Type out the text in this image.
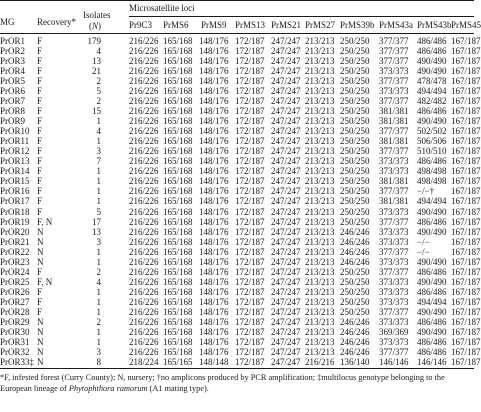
MG Recovery*
Isolates
(N)
Microsatellite loci
Pr9C3 PrMS6 PrMS9 PrMS13 PrMS21 PrMS27 PrMS39b PrMS43a PrMS43b PrMS45
PrOR1 F	179	216/226 165/168 148/176 172/187 247/247 213/213 250/250 377/377 486/486 167/187
PrOR2 F	4	216/226 165/168 148/176 172/187 247/247 213/213 250/250 377/377 486/486 167/187
PrOR3 F	13	216/226 165/168 148/176 172/187 247/247 213/213 250/250 377/377 490/490 167/187
PrOR4 F	21	216/226 165/168 148/176 172/187 247/247 213/213 250/250 373/373 490/490 167/187
PrOR5 F	2	216/226 165/168 148/176 172/187 247/247 213/213 250/250 377/377 478/478 167/187
PrOR6 F	5	216/226 165/168 148/176 172/187 247/247 213/213 250/250 373/373 494/494 167/187
PrOR7 F	2	216/226 165/168 148/176 172/187 247/247 213/213 250/250 377/377 482/482 167/187
PrOR8 F	15	216/226 165/168 148/176 172/187 247/247 213/213 250/250 381/381 486/486 167/187
PrOR9 F	1	216/226 165/168 148/176 172/187 247/247 213/213 250/250 381/381 490/490 167/187
PrOR10 F	4	216/226 165/168 148/176 172/187 247/247 213/213 250/250 377/377 502/502 167/187
PrOR11 F	1	216/226 165/168 148/176 172/187 247/247 213/213 250/250 381/381 506/506 167/187
PrOR12 F	3	216/226 165/168 148/176 172/187 247/247 213/213 250/250 377/377 510/510 167/187
PrOR13 F	7	216/226 165/168 148/176 172/187 247/247 213/213 250/250 373/373 486/486 167/187
PrOR14 F	1	216/226 165/168 148/176 172/187 247/247 213/213 250/250 373/373 498/498 167/187
PrOR15 F	1	216/226 165/168 148/176 172/187 247/247 213/213 250/250 381/381 498/498 167/187
PrOR16 F	1	216/226 165/168 148/176 172/187 247/247 213/213 250/250 377/377 −/−† 167/187
PrOR17 F	1	216/226 165/168 148/176 172/187 247/247 213/213 250/250 381/381 494/494 167/187
PrOR18 F	5	216/226 165/168 148/176 172/187 247/247 213/213 250/250 373/373 490/490 167/187
PrOR19 F, N	17	216/226 165/168 148/176 172/187 247/247 213/213 250/250 377/377 486/486 167/187
PrOR20 N	13	216/226 165/168 148/176 172/187 247/247 213/213 246/246 373/373 490/490 167/187
PrOR21 N	3	216/226 165/168 148/176 172/187 247/247 213/213 246/246 373/373 −/− 167/187
PrOR22 N	1	216/226 165/168 148/176 172/187 247/247 213/213 246/246 377/377 −/− 167/187
PrOR23 N	1	216/226 165/168 148/176 172/187 247/247 213/213 246/246 373/373 490/490 167/187
PrOR24 F	2	216/226 165/168 148/176 172/187 247/247 213/213 250/250 377/377 486/486 167/187
PrOR25 F, N	4	216/226 165/168 148/176 172/187 247/247 213/213 250/250 373/373 490/490 167/187
PrOR26 F	1	216/226 165/168 148/176 172/187 247/247 213/213 250/250 373/373 486/486 167/187
PrOR27 F	1	216/226 165/168 148/176 172/187 247/247 213/213 250/250 373/373 494/494 167/187
PrOR28 F	1	216/226 165/168 148/176 172/187 247/247 213/213 250/250 377/377 490/490 167/187
PrOR29 N	2	216/226 165/168 148/176 172/187 247/247 213/213 246/246 373/373 486/486 167/187
PrOR30 N	1	216/226 165/168 148/176 172/187 247/247 213/213 246/246 369/369 490/490 167/187
PrOR31 N	1	216/226 165/168 148/176 172/187 247/247 213/213 246/246 373/373 486/486 167/187
PrOR32 N	3	216/226 165/168 148/176 172/187 247/247 213/213 246/246 377/377 486/486 167/187
PrOR33‡ N	8	218/224 165/165 148/148 172/187 247/247 216/216 136/140 146/146 146/146 167/187
*F, infested forest (Curry County); N, nursery; †no amplicons produced by PCR amplification; ‡multilocus genotype belonging to the
European lineage of Phytophthora ramorum (A1 mating type).
